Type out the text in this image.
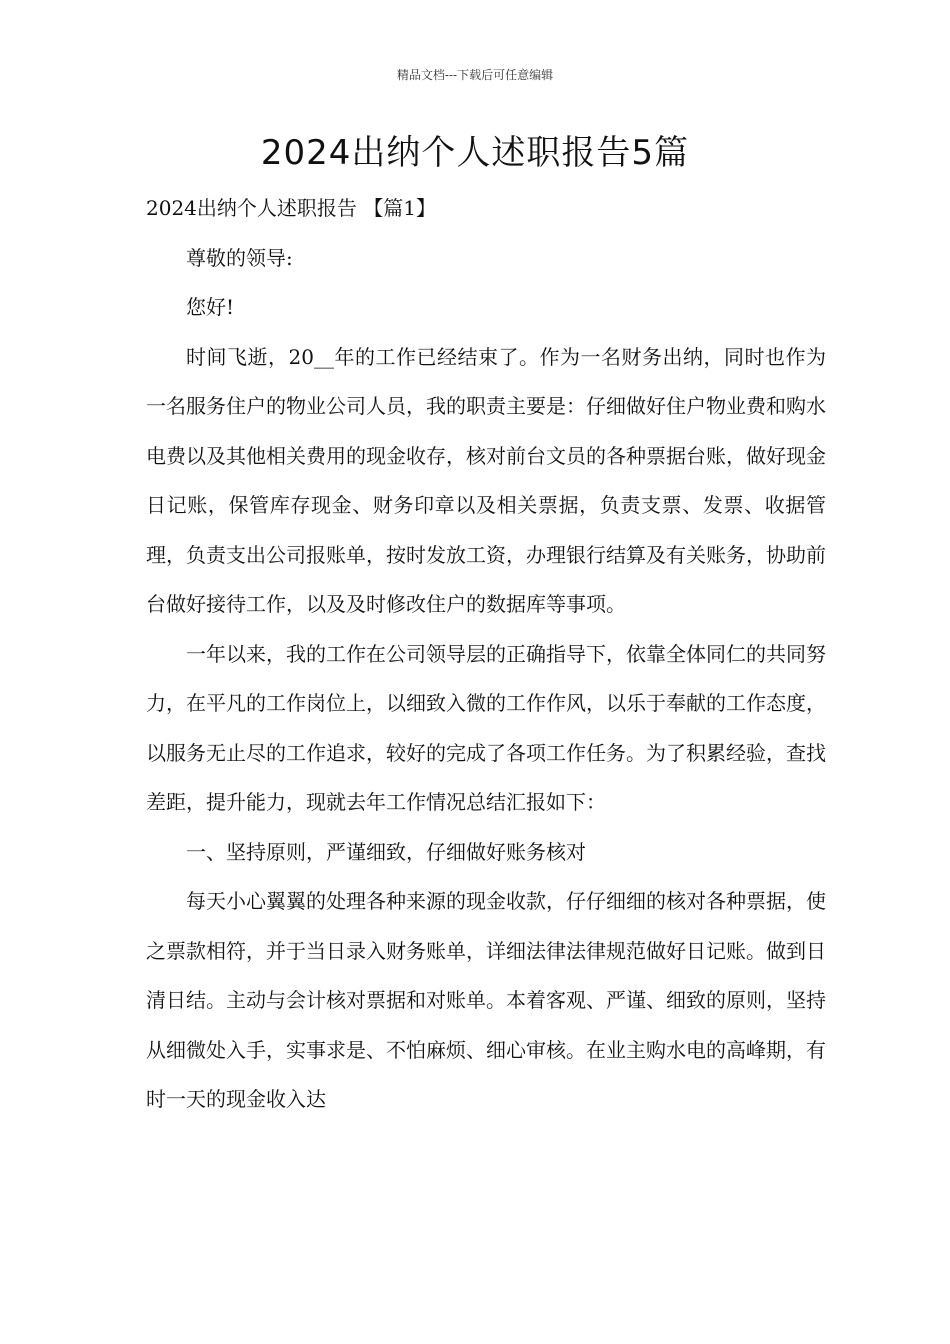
精品文档---下载后可任意编辑
2024出纳个人述职报告5篇

2024出纳个人述职报告 【篇1】

尊敬的领导:

您好!

时间飞逝，20__年的工作已经结束了。作为一名财务出纳，同时也作为一名服务住户的物业公司人员，我的职责主要是：仔细做好住户物业费和购水电费以及其他相关费用的现金收存，核对前台文员的各种票据台账，做好现金日记账，保管库存现金、财务印章以及相关票据，负责支票、发票、收据管理，负责支出公司报账单，按时发放工资，办理银行结算及有关账务，协助前台做好接待工作，以及及时修改住户的数据库等事项。

一年以来，我的工作在公司领导层的正确指导下，依靠全体同仁的共同努力，在平凡的工作岗位上，以细致入微的工作作风，以乐于奉献的工作态度，以服务无止尽的工作追求，较好的完成了各项工作任务。为了积累经验，查找差距，提升能力，现就去年工作情况总结汇报如下：

一、坚持原则，严谨细致，仔细做好账务核对

每天小心翼翼的处理各种来源的现金收款，仔仔细细的核对各种票据，使之票款相符，并于当日录入财务账单，详细法律法律规范做好日记账。做到日清日结。主动与会计核对票据和对账单。本着客观、严谨、细致的原则，坚持从细微处入手，实事求是、不怕麻烦、细心审核。在业主购水电的高峰期，有时一天的现金收入达
